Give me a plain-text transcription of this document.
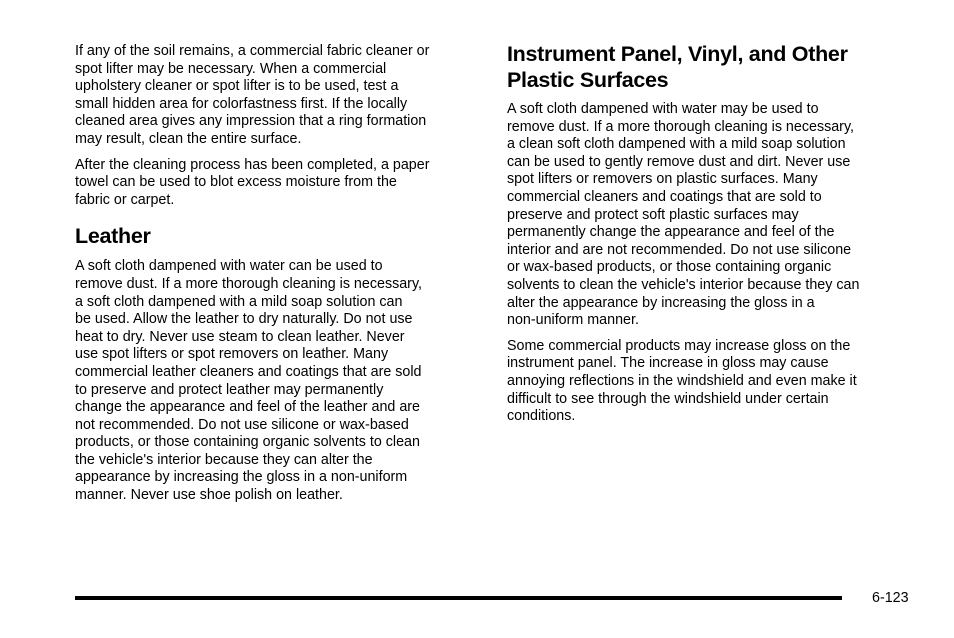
If any of the soil remains, a commercial fabric cleaner or
spot lifter may be necessary. When a commercial
upholstery cleaner or spot lifter is to be used, test a
small hidden area for colorfastness first. If the locally
cleaned area gives any impression that a ring formation
may result, clean the entire surface.

After the cleaning process has been completed, a paper
towel can be used to blot excess moisture from the
fabric or carpet.

Leather

A soft cloth dampened with water can be used to
remove dust. If a more thorough cleaning is necessary,
a soft cloth dampened with a mild soap solution can
be used. Allow the leather to dry naturally. Do not use
heat to dry. Never use steam to clean leather. Never
use spot lifters or spot removers on leather. Many
commercial leather cleaners and coatings that are sold
to preserve and protect leather may permanently
change the appearance and feel of the leather and are
not recommended. Do not use silicone or wax-based
products, or those containing organic solvents to clean
the vehicle's interior because they can alter the
appearance by increasing the gloss in a non-uniform
manner. Never use shoe polish on leather.

Instrument Panel, Vinyl, and Other
Plastic Surfaces

A soft cloth dampened with water may be used to
remove dust. If a more thorough cleaning is necessary,
a clean soft cloth dampened with a mild soap solution
can be used to gently remove dust and dirt. Never use
spot lifters or removers on plastic surfaces. Many
commercial cleaners and coatings that are sold to
preserve and protect soft plastic surfaces may
permanently change the appearance and feel of the
interior and are not recommended. Do not use silicone
or wax-based products, or those containing organic
solvents to clean the vehicle's interior because they can
alter the appearance by increasing the gloss in a
non-uniform manner.

Some commercial products may increase gloss on the
instrument panel. The increase in gloss may cause
annoying reflections in the windshield and even make it
difficult to see through the windshield under certain
conditions.

6-123
